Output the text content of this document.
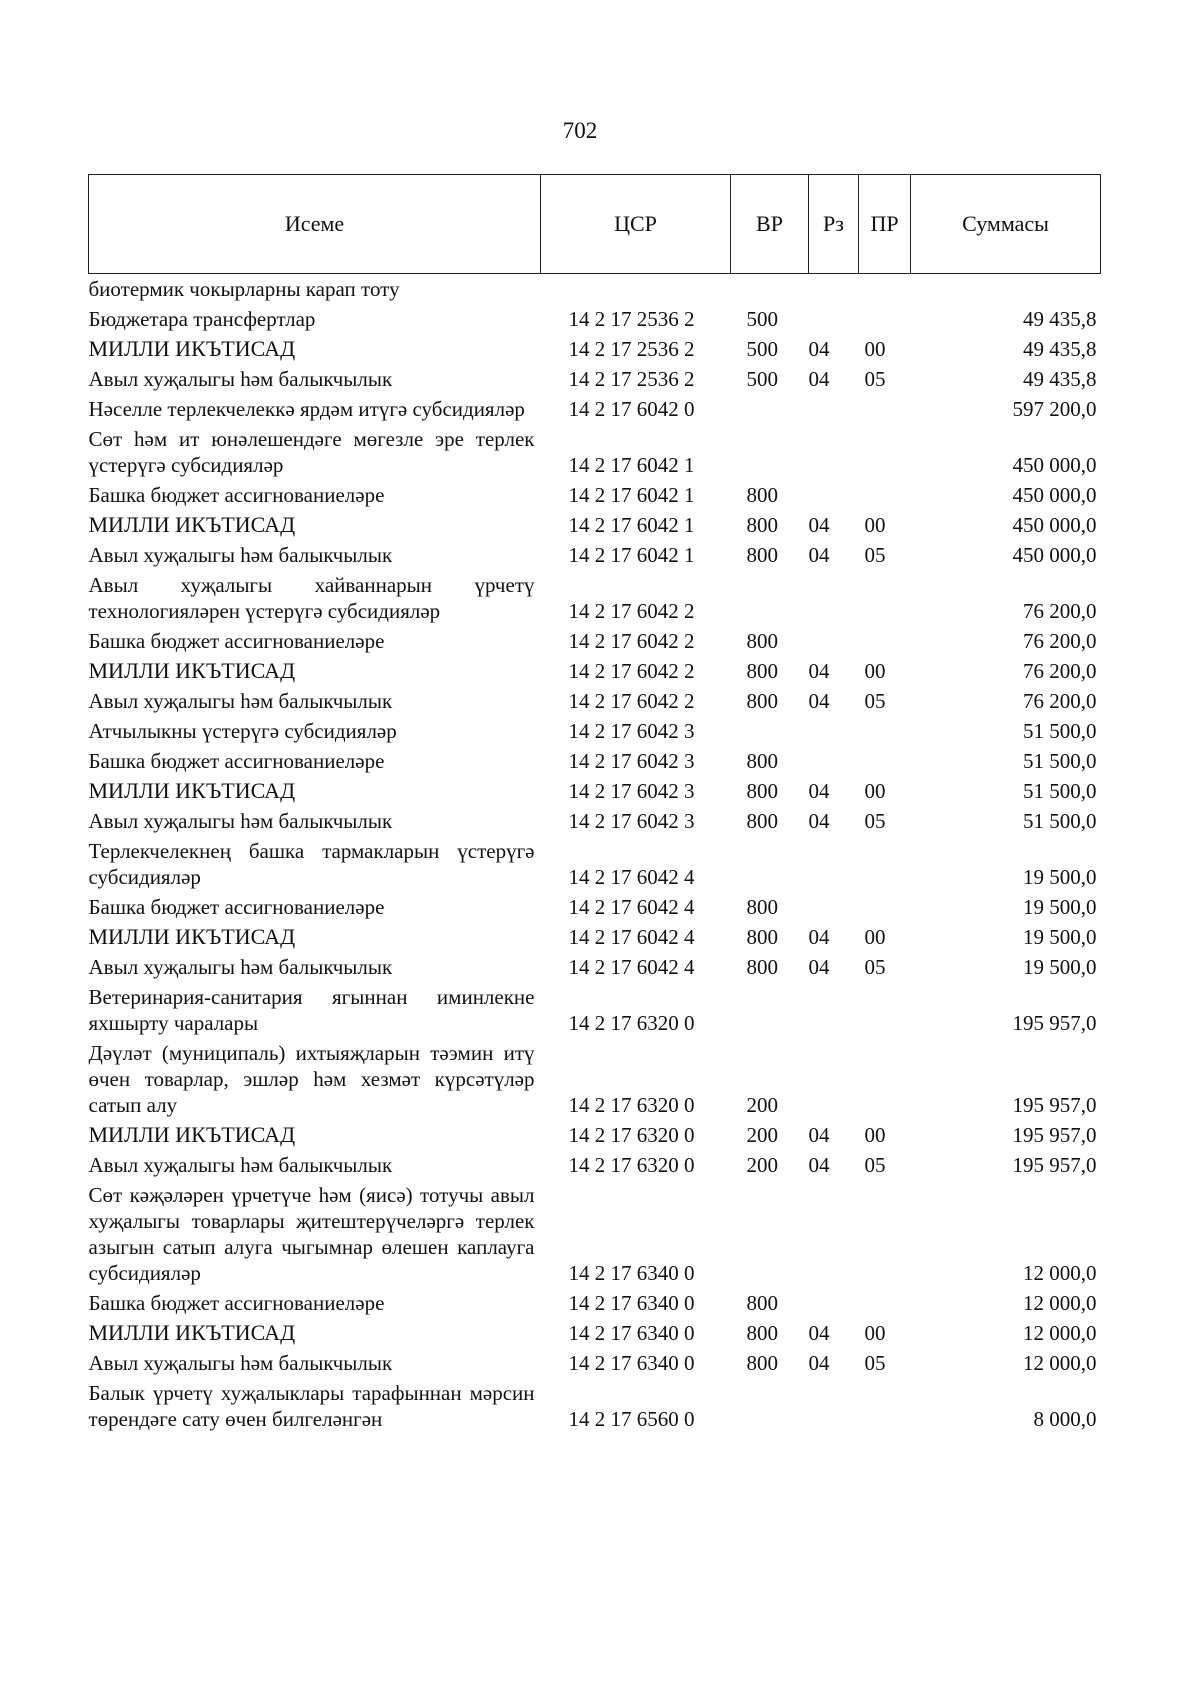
702
Исеме	ЦСР	ВР	Рз	ПР	Суммасы
биотермик чокырларны карап тоту					
Бюджетара трансфертлар	14 2 17 2536 2	500			49 435,8
МИЛЛИ ИКЪТИСАД	14 2 17 2536 2	500	04	00	49 435,8
Авыл хуҗалыгы һәм балыкчылык	14 2 17 2536 2	500	04	05	49 435,8
Нәселле терлекчелеккә ярдәм итүгә субсидияләр	14 2 17 6042 0				597 200,0
Сөт һәм ит юнәлешендәге мөгезле эре терлек үстерүгә субсидияләр	14 2 17 6042 1				450 000,0
Башка бюджет ассигнованиеләре	14 2 17 6042 1	800			450 000,0
МИЛЛИ ИКЪТИСАД	14 2 17 6042 1	800	04	00	450 000,0
Авыл хуҗалыгы һәм балыкчылык	14 2 17 6042 1	800	04	05	450 000,0
Авыл хуҗалыгы хайваннарын үрчетү технологияләрен үстерүгә субсидияләр	14 2 17 6042 2				76 200,0
Башка бюджет ассигнованиеләре	14 2 17 6042 2	800			76 200,0
МИЛЛИ ИКЪТИСАД	14 2 17 6042 2	800	04	00	76 200,0
Авыл хуҗалыгы һәм балыкчылык	14 2 17 6042 2	800	04	05	76 200,0
Атчылыкны үстерүгә субсидияләр	14 2 17 6042 3				51 500,0
Башка бюджет ассигнованиеләре	14 2 17 6042 3	800			51 500,0
МИЛЛИ ИКЪТИСАД	14 2 17 6042 3	800	04	00	51 500,0
Авыл хуҗалыгы һәм балыкчылык	14 2 17 6042 3	800	04	05	51 500,0
Терлекчелекнең башка тармакларын үстерүгә субсидияләр	14 2 17 6042 4				19 500,0
Башка бюджет ассигнованиеләре	14 2 17 6042 4	800			19 500,0
МИЛЛИ ИКЪТИСАД	14 2 17 6042 4	800	04	00	19 500,0
Авыл хуҗалыгы һәм балыкчылык	14 2 17 6042 4	800	04	05	19 500,0
Ветеринария-санитария ягыннан иминлекне яхшырту чаралары	14 2 17 6320 0				195 957,0
Дәүләт (муниципаль) ихтыяҗларын тәэмин итү өчен товарлар, эшләр һәм хезмәт күрсәтүләр сатып алу	14 2 17 6320 0	200			195 957,0
МИЛЛИ ИКЪТИСАД	14 2 17 6320 0	200	04	00	195 957,0
Авыл хуҗалыгы һәм балыкчылык	14 2 17 6320 0	200	04	05	195 957,0
Сөт кәҗәләрен үрчетүче һәм (яисә) тотучы авыл хуҗалыгы товарлары җитештерүчеләргә терлек азыгын сатып алуга чыгымнар өлешен каплауга субсидияләр	14 2 17 6340 0				12 000,0
Башка бюджет ассигнованиеләре	14 2 17 6340 0	800			12 000,0
МИЛЛИ ИКЪТИСАД	14 2 17 6340 0	800	04	00	12 000,0
Авыл хуҗалыгы һәм балыкчылык	14 2 17 6340 0	800	04	05	12 000,0
Балык үрчетү хуҗалыклары тарафыннан мәрсин төрендәге сату өчен билгеләнгән	14 2 17 6560 0				8 000,0
